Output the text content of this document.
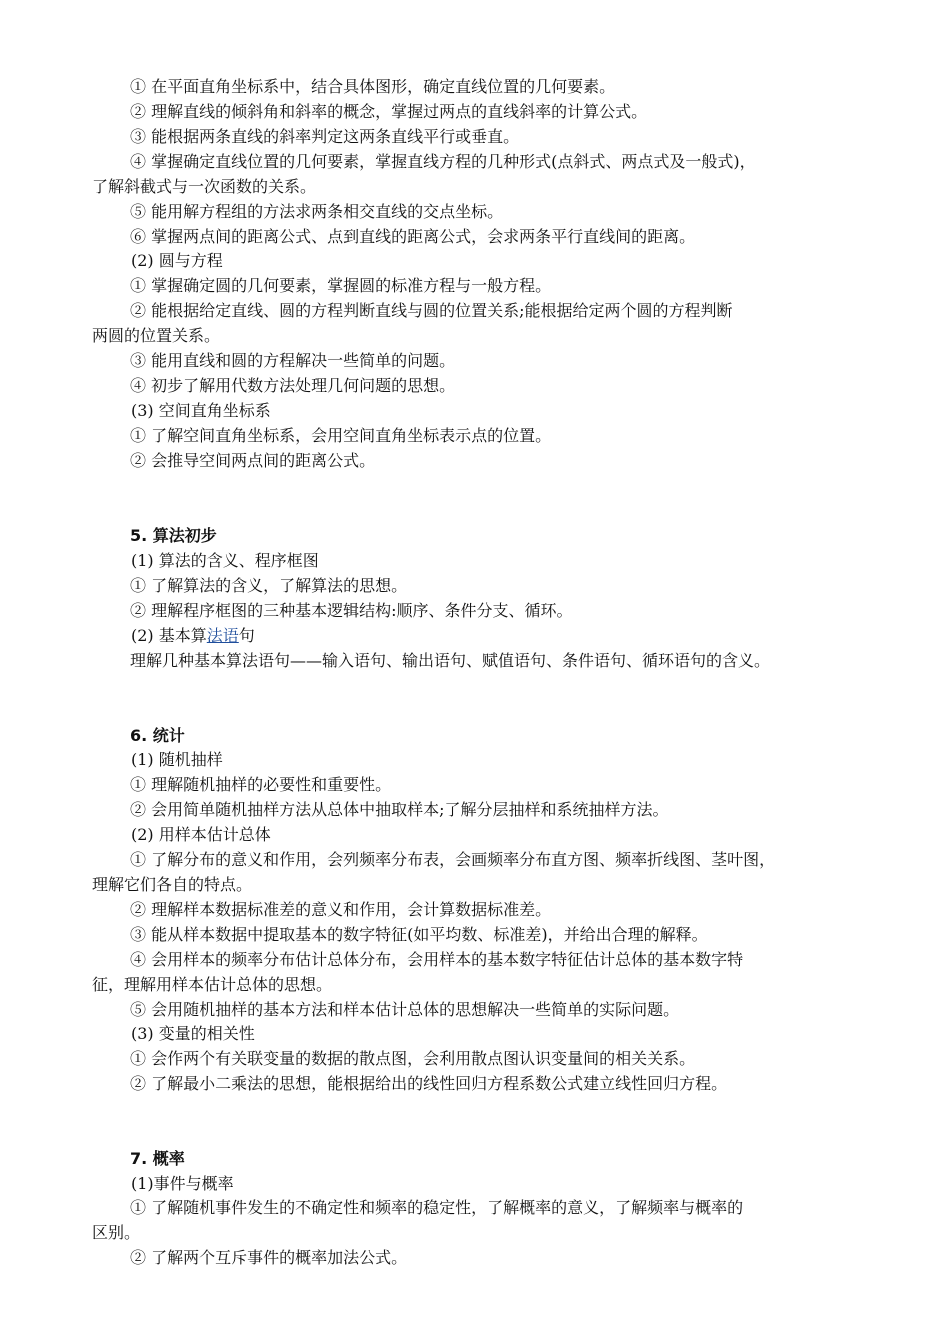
① 在平面直角坐标系中，结合具体图形，确定直线位置的几何要素。
② 理解直线的倾斜角和斜率的概念，掌握过两点的直线斜率的计算公式。
③ 能根据两条直线的斜率判定这两条直线平行或垂直。
④ 掌握确定直线位置的几何要素，掌握直线方程的几种形式(点斜式、两点式及一般式)，
了解斜截式与一次函数的关系。
⑤ 能用解方程组的方法求两条相交直线的交点坐标。
⑥ 掌握两点间的距离公式、点到直线的距离公式，会求两条平行直线间的距离。
(2) 圆与方程
① 掌握确定圆的几何要素，掌握圆的标准方程与一般方程。
② 能根据给定直线、圆的方程判断直线与圆的位置关系;能根据给定两个圆的方程判断
两圆的位置关系。
③ 能用直线和圆的方程解决一些简单的问题。
④ 初步了解用代数方法处理几何问题的思想。
(3) 空间直角坐标系
① 了解空间直角坐标系，会用空间直角坐标表示点的位置。
② 会推导空间两点间的距离公式。
5. 算法初步
(1) 算法的含义、程序框图
① 了解算法的含义，了解算法的思想。
② 理解程序框图的三种基本逻辑结构:顺序、条件分支、循环。
(2) 基本算法语句
理解几种基本算法语句——输入语句、输出语句、赋值语句、条件语句、循环语句的含义。
6. 统计
(1) 随机抽样
① 理解随机抽样的必要性和重要性。
② 会用简单随机抽样方法从总体中抽取样本;了解分层抽样和系统抽样方法。
(2) 用样本估计总体
① 了解分布的意义和作用，会列频率分布表，会画频率分布直方图、频率折线图、茎叶图，
理解它们各自的特点。
② 理解样本数据标准差的意义和作用，会计算数据标准差。
③ 能从样本数据中提取基本的数字特征(如平均数、标准差)，并给出合理的解释。
④ 会用样本的频率分布估计总体分布，会用样本的基本数字特征估计总体的基本数字特
征，理解用样本估计总体的思想。
⑤ 会用随机抽样的基本方法和样本估计总体的思想解决一些简单的实际问题。
(3) 变量的相关性
① 会作两个有关联变量的数据的散点图，会利用散点图认识变量间的相关关系。
② 了解最小二乘法的思想，能根据给出的线性回归方程系数公式建立线性回归方程。
7. 概率
(1)事件与概率
① 了解随机事件发生的不确定性和频率的稳定性，了解概率的意义，了解频率与概率的
区别。
② 了解两个互斥事件的概率加法公式。
